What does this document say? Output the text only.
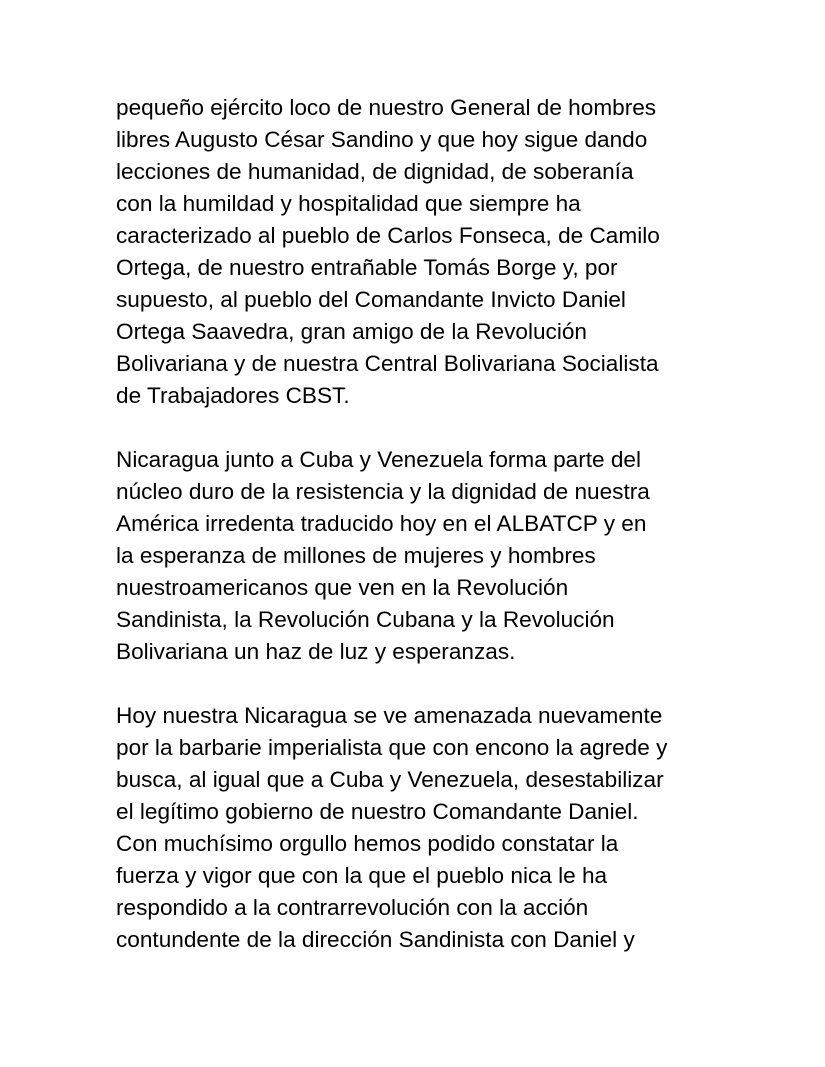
pequeño ejército loco de nuestro General de hombres
libres Augusto César Sandino y que hoy sigue dando
lecciones de humanidad, de dignidad, de soberanía
con la humildad y hospitalidad que siempre ha
caracterizado al pueblo de Carlos Fonseca, de Camilo
Ortega, de nuestro entrañable Tomás Borge y, por
supuesto, al pueblo del Comandante Invicto Daniel
Ortega Saavedra, gran amigo de la Revolución
Bolivariana y de nuestra Central Bolivariana Socialista
de Trabajadores CBST.

Nicaragua junto a Cuba y Venezuela forma parte del
núcleo duro de la resistencia y la dignidad de nuestra
América irredenta traducido hoy en el ALBATCP y en
la esperanza de millones de mujeres y hombres
nuestroamericanos que ven en la Revolución
Sandinista, la Revolución Cubana y la Revolución
Bolivariana un haz de luz y esperanzas.

Hoy nuestra Nicaragua se ve amenazada nuevamente
por la barbarie imperialista que con encono la agrede y
busca, al igual que a Cuba y Venezuela, desestabilizar
el legítimo gobierno de nuestro Comandante Daniel.
Con muchísimo orgullo hemos podido constatar la
fuerza y vigor que con la que el pueblo nica le ha
respondido a la contrarrevolución con la acción
contundente de la dirección Sandinista con Daniel y
